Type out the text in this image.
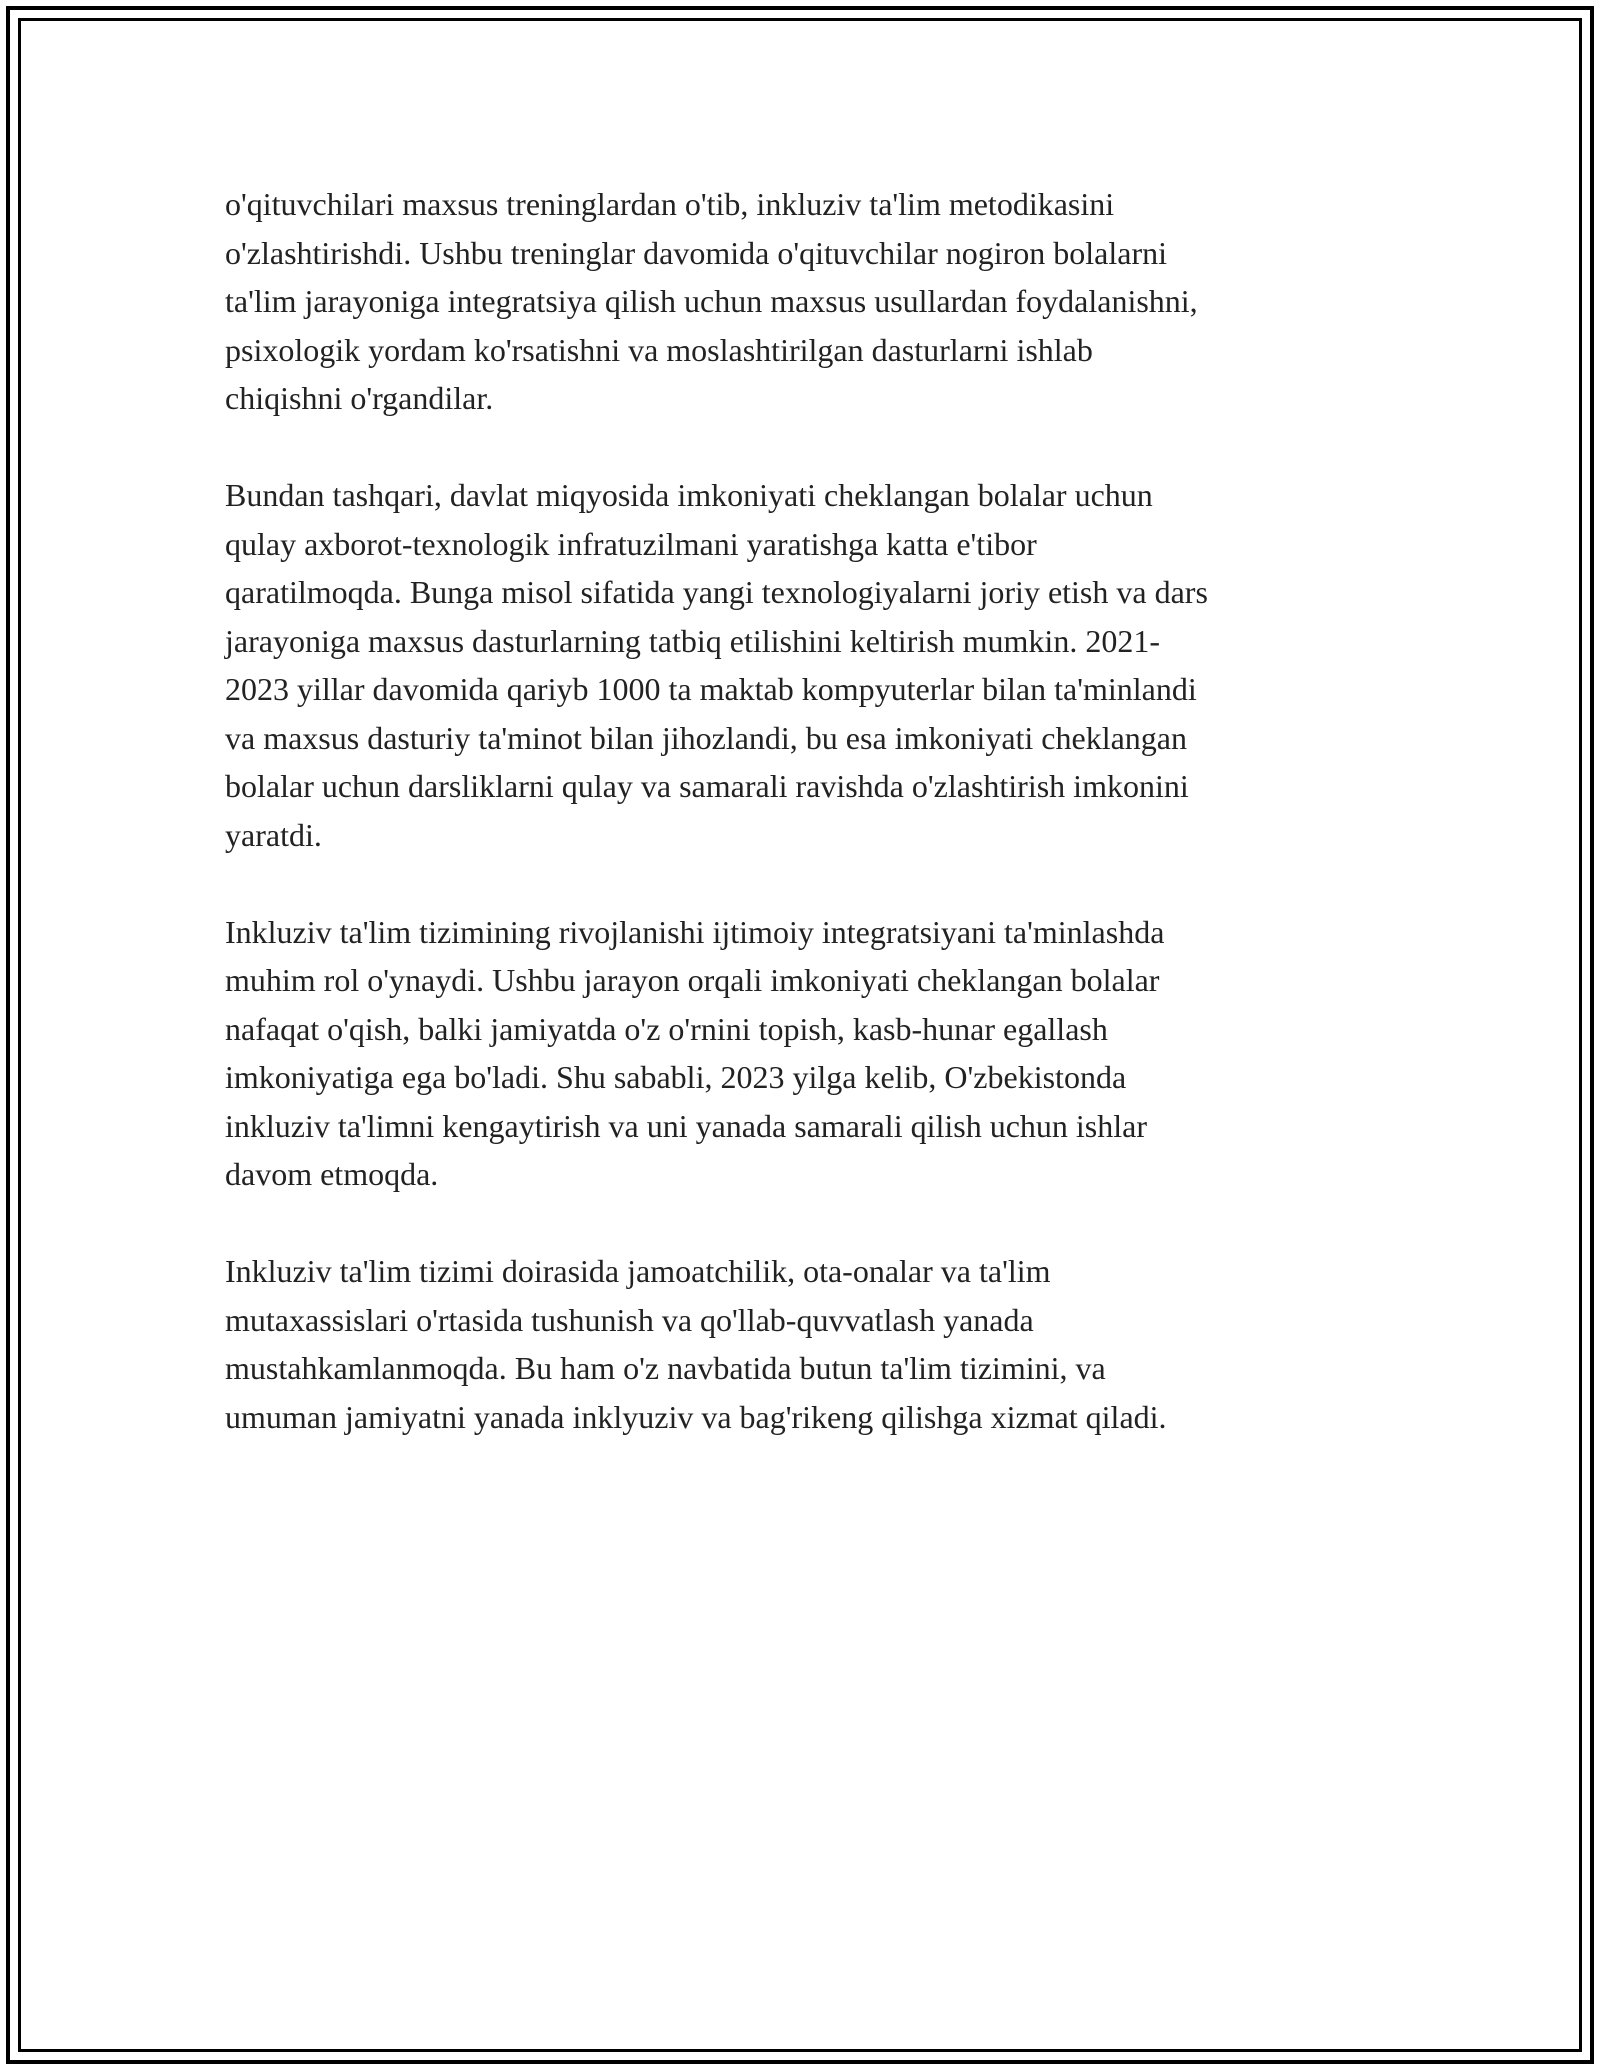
o'qituvchilari maxsus treninglardan o'tib, inkluziv ta'lim metodikasini
o'zlashtirishdi. Ushbu treninglar davomida o'qituvchilar nogiron bolalarni
ta'lim jarayoniga integratsiya qilish uchun maxsus usullardan foydalanishni,
psixologik yordam ko'rsatishni va moslashtirilgan dasturlarni ishlab
chiqishni o'rgandilar.

Bundan tashqari, davlat miqyosida imkoniyati cheklangan bolalar uchun
qulay axborot-texnologik infratuzilmani yaratishga katta e'tibor
qaratilmoqda. Bunga misol sifatida yangi texnologiyalarni joriy etish va dars
jarayoniga maxsus dasturlarning tatbiq etilishini keltirish mumkin. 2021-
2023 yillar davomida qariyb 1000 ta maktab kompyuterlar bilan ta'minlandi
va maxsus dasturiy ta'minot bilan jihozlandi, bu esa imkoniyati cheklangan
bolalar uchun darsliklarni qulay va samarali ravishda o'zlashtirish imkonini
yaratdi.

Inkluziv ta'lim tizimining rivojlanishi ijtimoiy integratsiyani ta'minlashda
muhim rol o'ynaydi. Ushbu jarayon orqali imkoniyati cheklangan bolalar
nafaqat o'qish, balki jamiyatda o'z o'rnini topish, kasb-hunar egallash
imkoniyatiga ega bo'ladi. Shu sababli, 2023 yilga kelib, O'zbekistonda
inkluziv ta'limni kengaytirish va uni yanada samarali qilish uchun ishlar
davom etmoqda.

Inkluziv ta'lim tizimi doirasida jamoatchilik, ota-onalar va ta'lim
mutaxassislari o'rtasida tushunish va qo'llab-quvvatlash yanada
mustahkamlanmoqda. Bu ham o'z navbatida butun ta'lim tizimini, va
umuman jamiyatni yanada inklyuziv va bag'rikeng qilishga xizmat qiladi.
